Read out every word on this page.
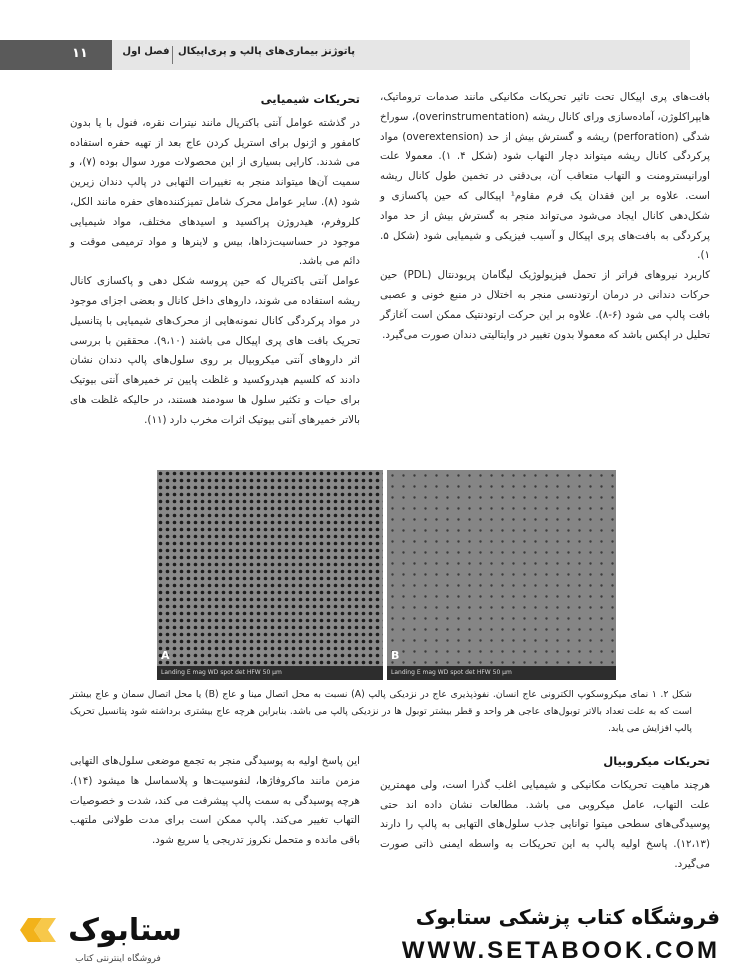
۱۱	فصل اول پاتوژنز بیماری‌های پالپ و پری‌اپیکال

بافت‌های پری اپیکال تحت تاثیر تحریکات مکانیکی مانند صدمات تروماتیک، هایپراکلوژن، آماده‌سازی ورای کانال ریشه (overinstrumentation)، سوراخ شدگی (perforation) ریشه و گسترش بیش از حد (overextension) مواد پرکردگی کانال ریشه میتواند دچار التهاب شود (شکل ۴. ۱). معمولا علت اورانیسترومنت و التهاب متعاقب آن، بی‌دقتی در تخمین طول کانال ریشه است. علاوه بر این فقدان یک فرم مقاوم¹ اپیکالی که حین پاکسازی و شکل‌دهی کانال ایجاد می‌شود می‌تواند منجر به گسترش بیش از حد مواد پرکردگی به بافت‌های پری اپیکال و آسیب فیزیکی و شیمیایی شود (شکل ۵. ۱).

کاربرد نیروهای فراتر از تحمل فیزیولوژیک لیگامان پریودنتال (PDL) حین حرکات دندانی در درمان ارتودنسی منجر به اختلال در منبع خونی و عصبی بافت پالپ می شود (۶-۸). علاوه بر این حرکت ارتودنتیک ممکن است آغازگر تحلیل در اپکس باشد که معمولا بدون تغییر در وایتالیتی دندان صورت می‌گیرد.

تحریکات شیمیایی

در گذشته عوامل آنتی باکتریال مانند نیترات نقره، فنول با یا بدون کامفور و اژنول برای استریل کردن عاج بعد از تهیه حفره استفاده می شدند. کارایی بسیاری از این محصولات مورد سوال بوده (۷)، و سمیت آن‌ها میتواند منجر به تغییرات التهابی در پالپ دندان زیرین شود (۸). سایر عوامل محرک شامل تمیزکننده‌های حفره مانند الکل، کلروفرم، هیدروژن پراکسید و اسیدهای مختلف، مواد شیمیایی موجود در حساسیت‌زداها، بیس و لاینرها و مواد ترمیمی موقت و دائم می باشد.

عوامل آنتی باکتریال که حین پروسه شکل دهی و پاکسازی کانال ریشه استفاده می شوند، داروهای داخل کانال و بعضی اجزای موجود در مواد پرکردگی کانال نمونه‌هایی از محرک‌های شیمیایی با پتانسیل تحریک بافت های پری اپیکال می باشند (۹،۱۰). محققین با بررسی اثر داروهای آنتی میکروبیال بر روی سلول‌های پالپ دندان نشان دادند که کلسیم هیدروکسید و غلظت پایین تر خمیرهای آنتی بیوتیک برای حیات و تکثیر سلول ها سودمند هستند، در حالیکه غلظت های بالاتر خمیرهای آنتی بیوتیک اثرات مخرب دارد (۱۱).

A
Landing E mag WD spot det HFW 50 µm
B
Landing E mag WD spot det HFW 50 µm
شکل ۲. ۱ نمای میکروسکوپ الکترونی عاج انسان. نفوذپذیری عاج در نزدیکی پالپ (A) نسبت به محل اتصال مینا و عاج (B) یا محل اتصال سمان و عاج بیشتر است که به علت تعداد بالاتر توبول‌های عاجی هر واحد و قطر بیشتر توبول ها در نزدیکی پالپ می باشد. بنابراین هرچه عاج بیشتری برداشته شود پتانسیل تحریک پالپ افزایش می یابد.
تحریکات میکروبیال

هرچند ماهیت تحریکات مکانیکی و شیمیایی اغلب گذرا است، ولی مهمترین علت التهاب، عامل میکروبی می باشد. مطالعات نشان داده اند حتی پوسیدگی‌های سطحی میتوا توانایی جذب سلول‌های التهابی به پالپ را دارند (۱۲،۱۳). پاسخ اولیه پالپ به این تحریکات به واسطه ایمنی ذاتی صورت می‌گیرد.

این پاسخ اولیه به پوسیدگی منجر به تجمع موضعی سلول‌های التهابی مزمن مانند ماکروفاژها، لنفوسیت‌ها و پلاسماسل ها میشود (۱۴). هرچه پوسیدگی به سمت پالپ پیشرفت می کند، شدت و خصوصیات التهاب تغییر می‌کند. پالپ ممکن است برای مدت طولانی ملتهب باقی مانده و متحمل نکروز تدریجی یا سریع شود.

ستابوک
فروشگاه اینترنتی کتاب
فروشگاه کتاب پزشکی ستابوک
WWW.SETABOOK.COM
